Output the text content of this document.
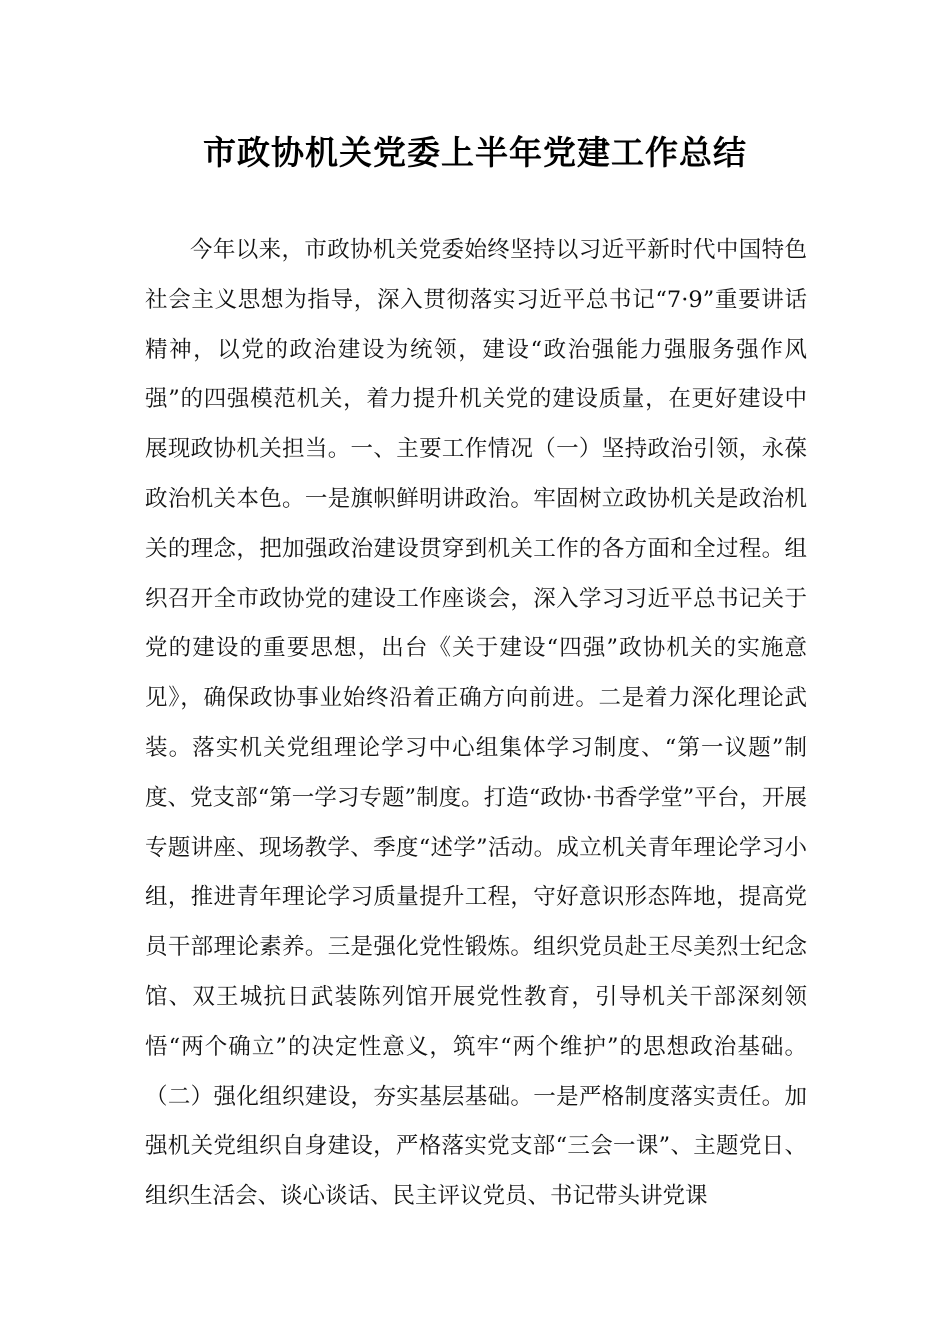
市政协机关党委上半年党建工作总结

今年以来，市政协机关党委始终坚持以习近平新时代中国特色社会主义思想为指导，深入贯彻落实习近平总书记“7·9”重要讲话精神，以党的政治建设为统领，建设“政治强能力强服务强作风强”的四强模范机关，着力提升机关党的建设质量，在更好建设中展现政协机关担当。一、主要工作情况（一）坚持政治引领，永葆政治机关本色。一是旗帜鲜明讲政治。牢固树立政协机关是政治机关的理念，把加强政治建设贯穿到机关工作的各方面和全过程。组织召开全市政协党的建设工作座谈会，深入学习习近平总书记关于党的建设的重要思想，出台《关于建设“四强”政协机关的实施意见》，确保政协事业始终沿着正确方向前进。二是着力深化理论武装。落实机关党组理论学习中心组集体学习制度、“第一议题”制度、党支部“第一学习专题”制度。打造“政协·书香学堂”平台，开展专题讲座、现场教学、季度“述学”活动。成立机关青年理论学习小组，推进青年理论学习质量提升工程，守好意识形态阵地，提高党员干部理论素养。三是强化党性锻炼。组织党员赴王尽美烈士纪念馆、双王城抗日武装陈列馆开展党性教育，引导机关干部深刻领悟“两个确立”的决定性意义，筑牢“两个维护”的思想政治基础。（二）强化组织建设，夯实基层基础。一是严格制度落实责任。加强机关党组织自身建设，严格落实党支部“三会一课”、主题党日、组织生活会、谈心谈话、民主评议党员、书记带头讲党课
